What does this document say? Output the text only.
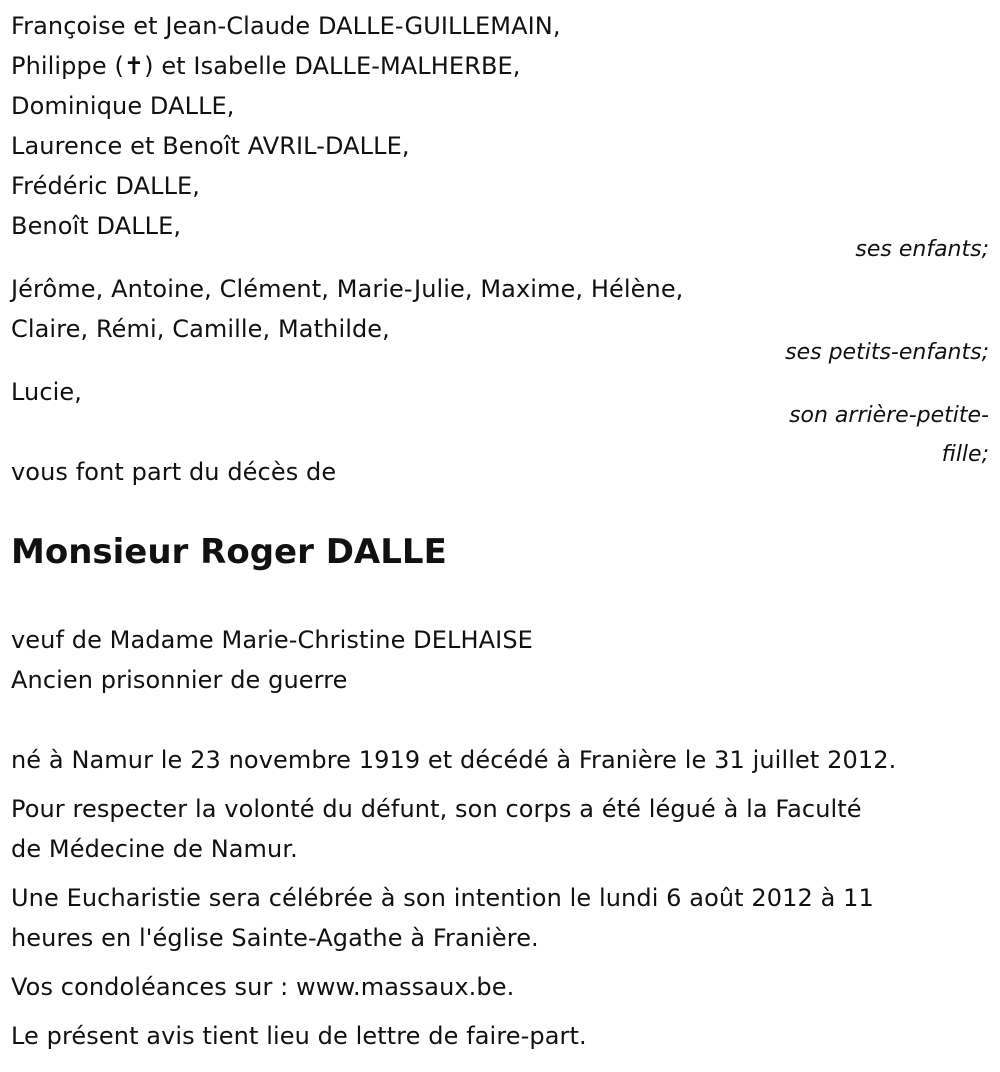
Françoise et Jean-Claude DALLE-GUILLEMAIN,
Philippe (✝) et Isabelle DALLE-MALHERBE,
Dominique DALLE,
Laurence et Benoît AVRIL-DALLE,
Frédéric DALLE,
Benoît DALLE,
ses enfants;
Jérôme, Antoine, Clément, Marie-Julie, Maxime, Hélène,
Claire, Rémi, Camille, Mathilde,
ses petits-enfants;
Lucie,
son arrière-petite-
fille;
vous font part du décès de
Monsieur Roger DALLE
veuf de Madame Marie-Christine DELHAISE
Ancien prisonnier de guerre
né à Namur le 23 novembre 1919 et décédé à Franière le 31 juillet 2012.
Pour respecter la volonté du défunt, son corps a été légué à la Faculté
de Médecine de Namur.
Une Eucharistie sera célébrée à son intention le lundi 6 août 2012 à 11
heures en l'église Sainte-Agathe à Franière.
Vos condoléances sur : www.massaux.be.
Le présent avis tient lieu de lettre de faire-part.
